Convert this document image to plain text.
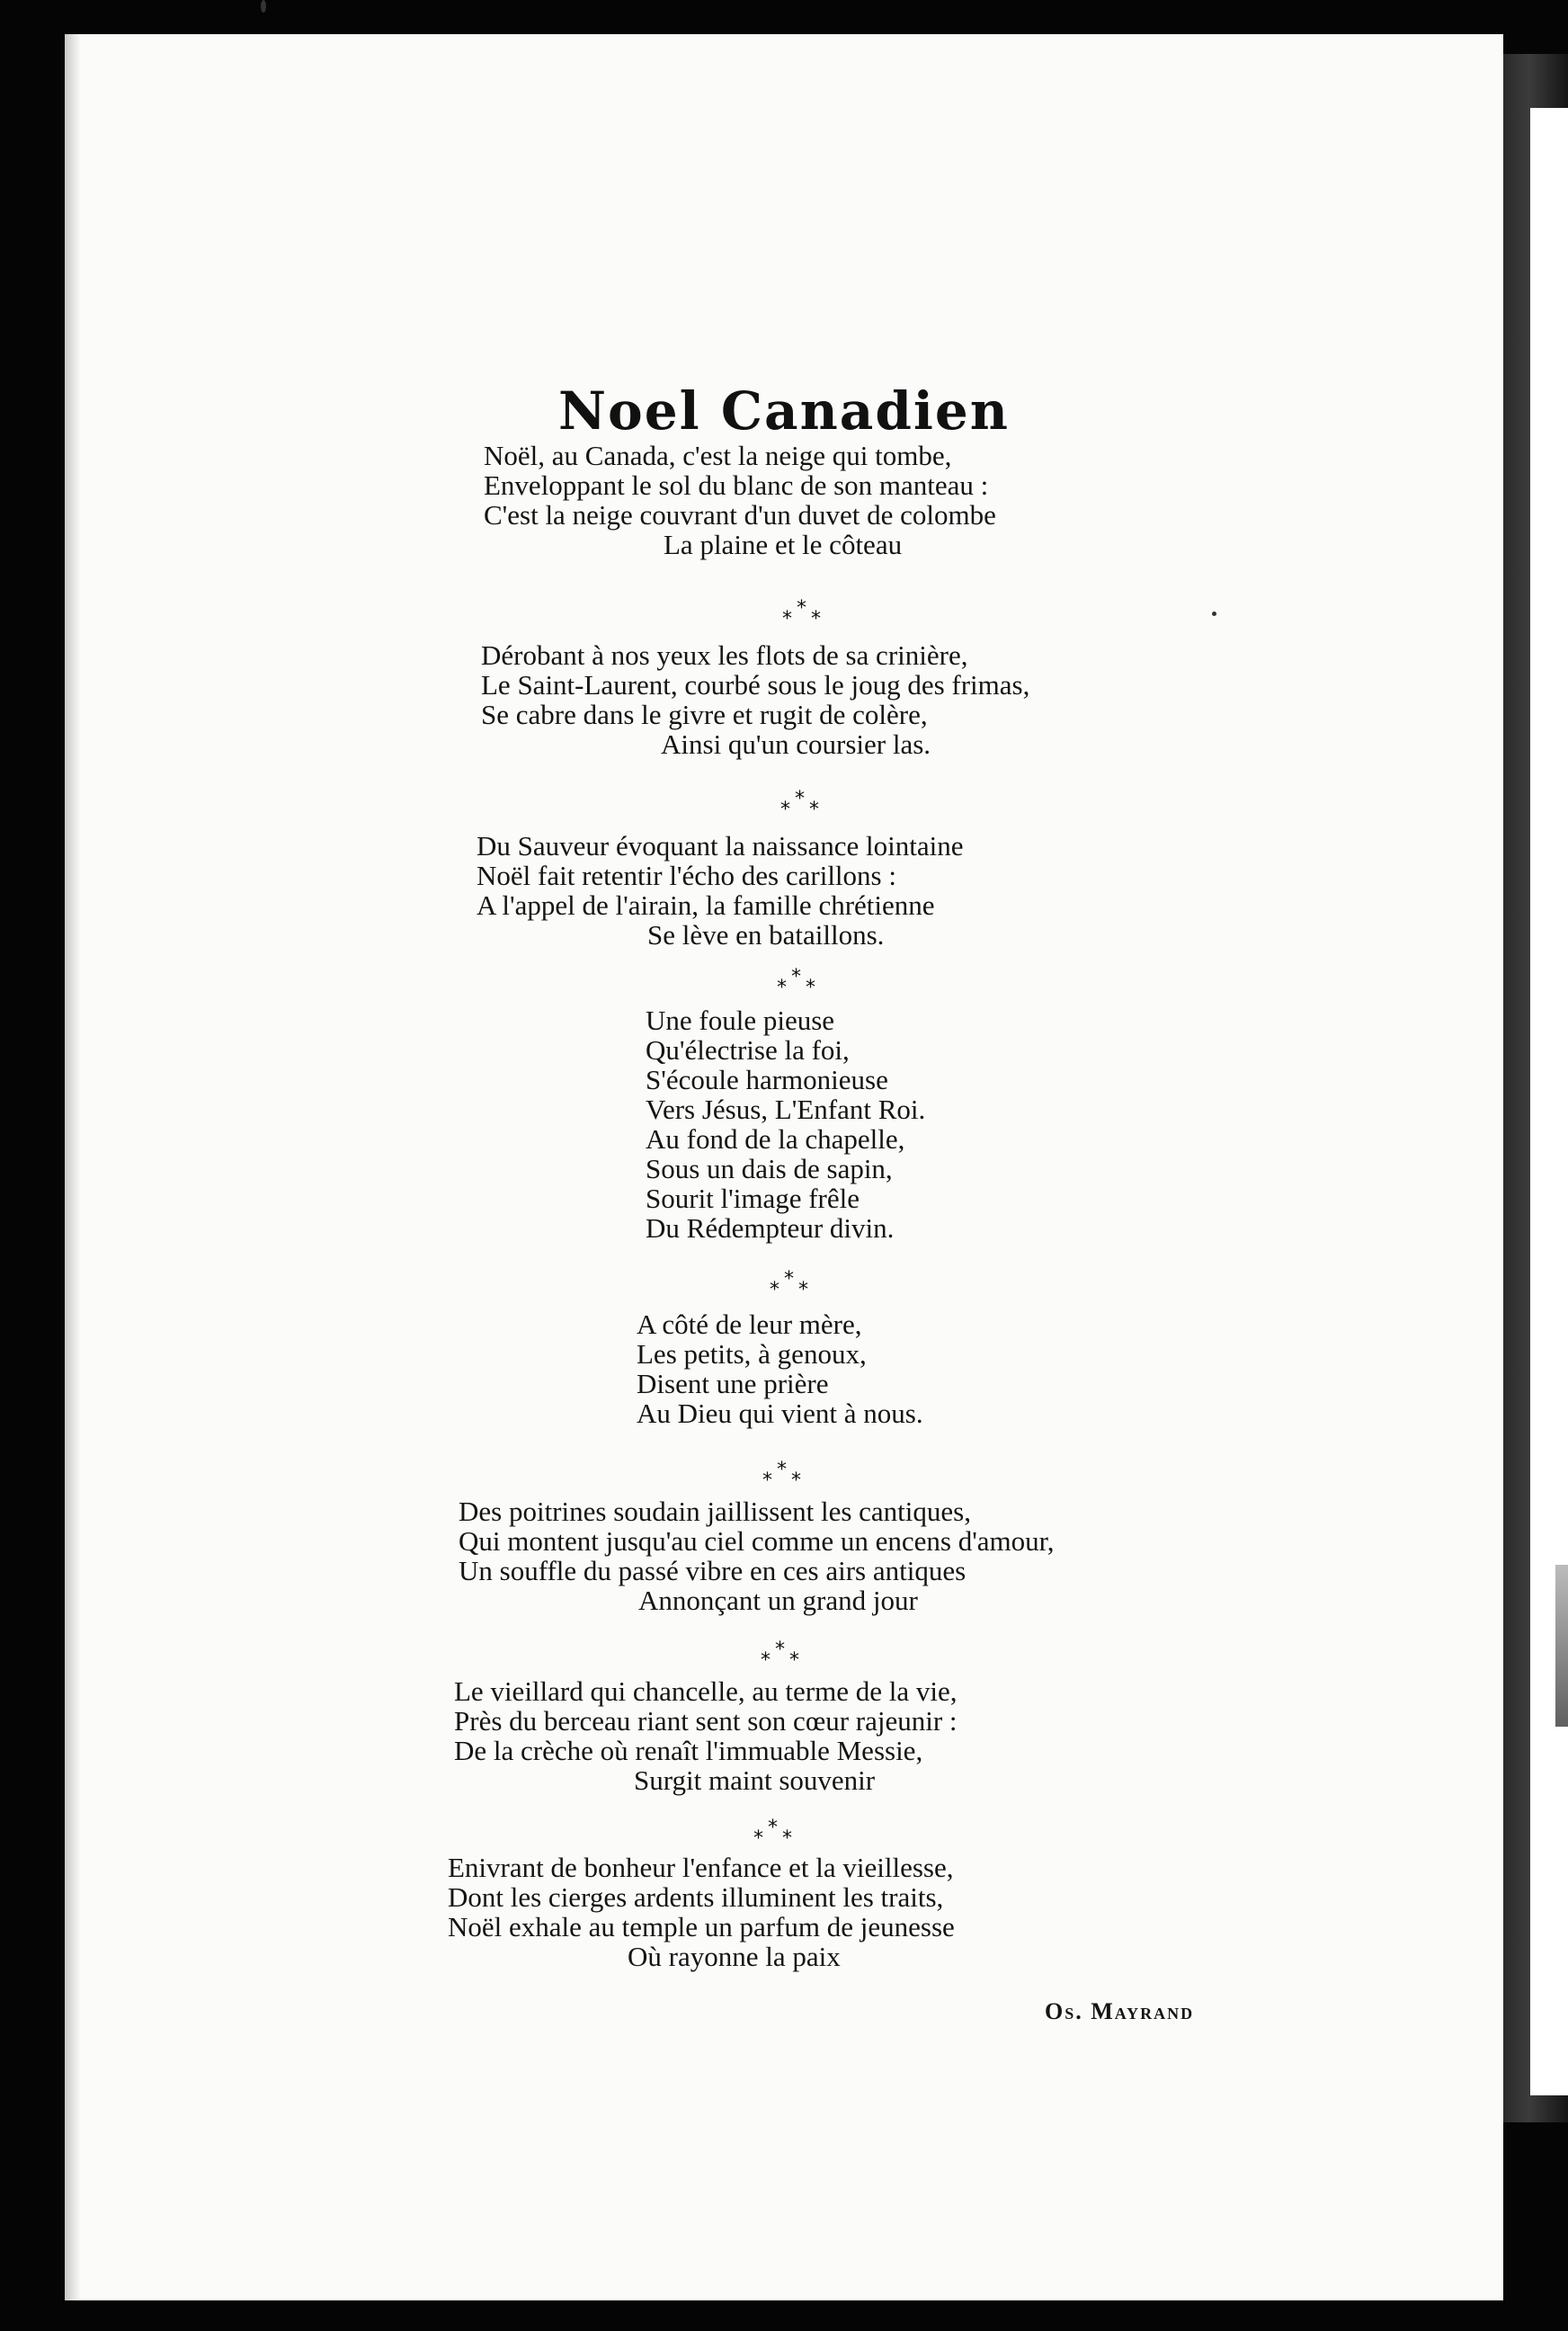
Noel Canadien
Noël, au Canada, c'est la neige qui tombe,
Enveloppant le sol du blanc de son manteau :
C'est la neige couvrant d'un duvet de colombe
La plaine et le côteau
* * *
Dérobant à nos yeux les flots de sa crinière,
Le Saint-Laurent, courbé sous le joug des frimas,
Se cabre dans le givre et rugit de colère,
Ainsi qu'un coursier las.
* * *
Du Sauveur évoquant la naissance lointaine
Noël fait retentir l'écho des carillons :
A l'appel de l'airain, la famille chrétienne
Se lève en bataillons.
* * *
Une foule pieuse
Qu'électrise la foi,
S'écoule harmonieuse
Vers Jésus, L'Enfant Roi.
Au fond de la chapelle,
Sous un dais de sapin,
Sourit l'image frêle
Du Rédempteur divin.
* * *
A côté de leur mère,
Les petits, à genoux,
Disent une prière
Au Dieu qui vient à nous.
* * *
Des poitrines soudain jaillissent les cantiques,
Qui montent jusqu'au ciel comme un encens d'amour,
Un souffle du passé vibre en ces airs antiques
Annonçant un grand jour
* * *
Le vieillard qui chancelle, au terme de la vie,
Près du berceau riant sent son cœur rajeunir :
De la crèche où renaît l'immuable Messie,
Surgit maint souvenir
* * *
Enivrant de bonheur l'enfance et la vieillesse,
Dont les cierges ardents illuminent les traits,
Noël exhale au temple un parfum de jeunesse
Où rayonne la paix
Os. Mayrand
